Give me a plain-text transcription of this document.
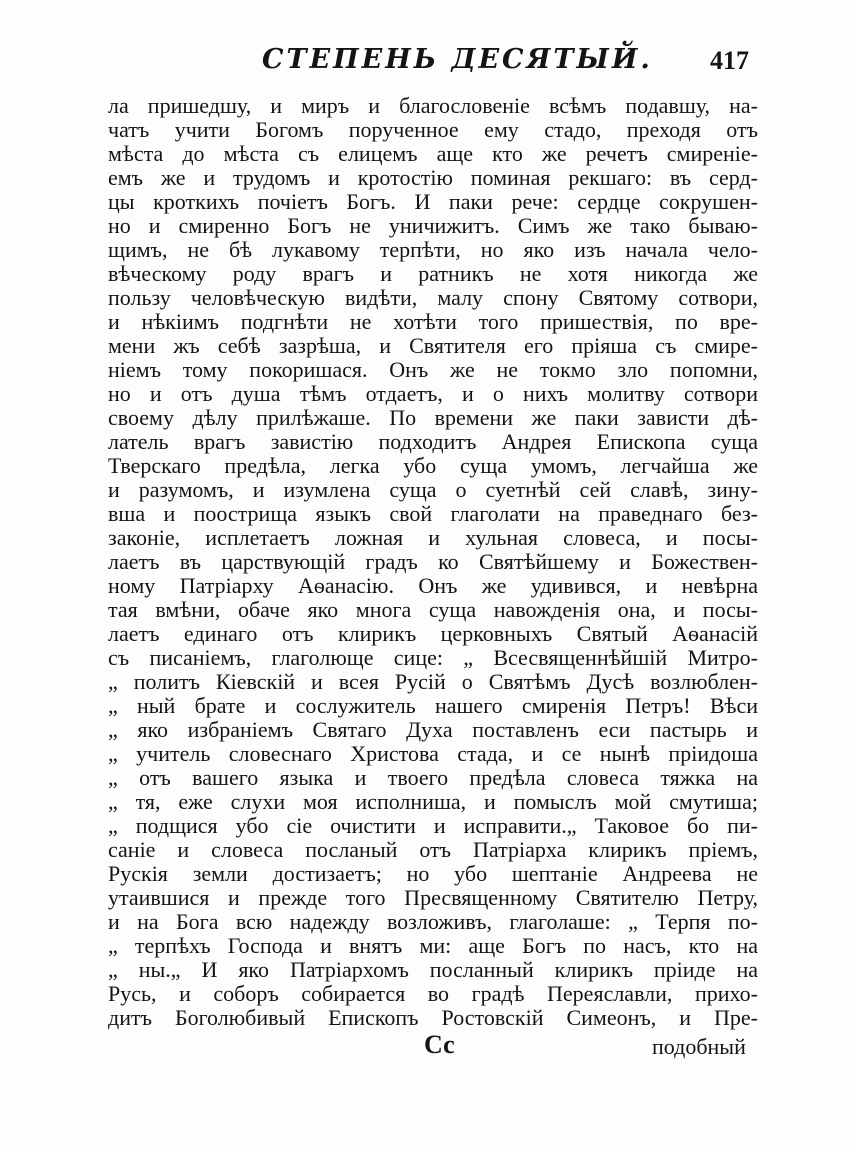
СТЕПЕНЬ ДЕСЯТЫЙ. 417
ла пришедшу, и миръ и благословеніе всѣмъ подавшу, на-
чатъ учити Богомъ порученное ему стадо, преходя отъ
мѣста до мѣста съ елицемъ аще кто же речетъ смиренiе-
емъ же и трудомъ и кротостію поминая рекшаго: въ серд-
цы кроткихъ почіетъ Богъ. И паки рече: сердце сокрушен-
но и смиренно Богъ не уничижитъ. Симъ же тако бываю-
щимъ, не бѣ лукавому терпѣти, но яко изъ начала чело-
вѣческому роду врагъ и ратникъ не хотя никогда же
пользу человѣческую видѣти, малу спону Святому сотвори,
и нѣкіимъ подгнѣти не хотѣти того пришествія, по вре-
мени жъ себѣ зазрѣша, и Святителя его пріяша съ смире-
ніемъ тому покоришася. Онъ же не токмо зло попомни,
но и отъ душа тѣмъ отдаетъ, и о нихъ молитву сотвори
своему дѣлу прилѣжаше. По времени же паки зависти дѣ-
латель врагъ завистію подходитъ Андрея Епископа суща
Тверскаго предѣла, легка убо суща умомъ, легчайша же
и разумомъ, и изумлена суща о суетнѣй сей славѣ, зину-
вша и поострища языкъ свой глаголати на праведнаго без-
законіе, исплетаетъ ложная и хульная словеса, и посы-
лаетъ въ царствующій градъ ко Святѣйшему и Божествен-
ному Патріарху Аѳанасію. Онъ же удивився, и невѣрна
тая вмѣни, обаче яко многа суща навожденія она, и посы-
лаетъ единаго отъ клирикъ церковныхъ Святый Аѳанасій
съ писаніемъ, глаголюще сице: „ Всесвященнѣйшій Митро-
„ политъ Кіевскій и всея Русій о Святѣмъ Дусѣ возлюблен-
„ ный брате и сослужитель нашего смиренія Петръ! Вѣси
„ яко избраніемъ Святаго Духа поставленъ еси пастырь и
„ учитель словеснаго Христова стада, и се нынѣ пріидоша
„ отъ вашего языка и твоего предѣла словеса тяжка на
„ тя, еже слухи моя исполниша, и помыслъ мой смутиша;
„ подщися убо сіе очистити и исправити.„ Таковое бо пи-
саніе и словеса посланый отъ Патріарха клирикъ пріемъ,
Рускія земли достизаетъ; но убо шептаніе Андреева не
утаившися и прежде того Пресвященному Святителю Петру,
и на Бога всю надежду возложивъ, глаголаше: „ Терпя по-
„ терпѣхъ Господа и внятъ ми: аще Богъ по насъ, кто на
„ ны.„ И яко Патріархомъ посланный клирикъ пріиде на
Русь, и соборъ собирается во градѣ Переяславли, прихо-
дитъ Боголюбивый Епископъ Ростовскій Симеонъ, и Пре-
Сс	подобный
